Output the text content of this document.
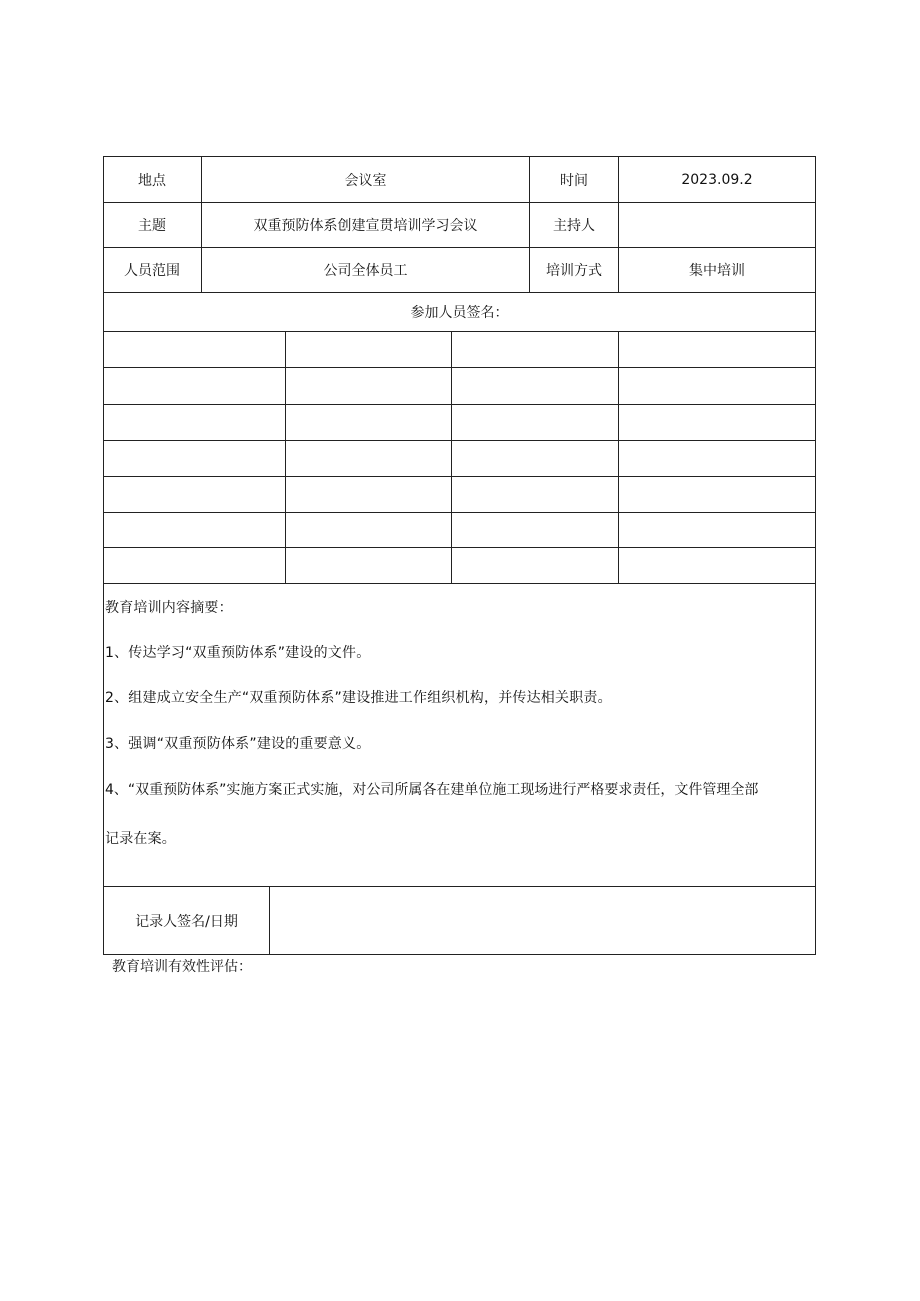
地点	会议室	时间	2023.09.2
主题	双重预防体系创建宣贯培训学习会议	主持人
人员范围	公司全体员工	培训方式	集中培训
参加人员签名：
教育培训内容摘要：
1、传达学习“双重预防体系”建设的文件。
2、组建成立安全生产“双重预防体系”建设推进工作组织机构，并传达相关职责。
3、强调“双重预防体系”建设的重要意义。
4、“双重预防体系”实施方案正式实施，对公司所属各在建单位施工现场进行严格要求责任，文件管理全部
记录在案。
记录人签名/日期
教育培训有效性评估：
